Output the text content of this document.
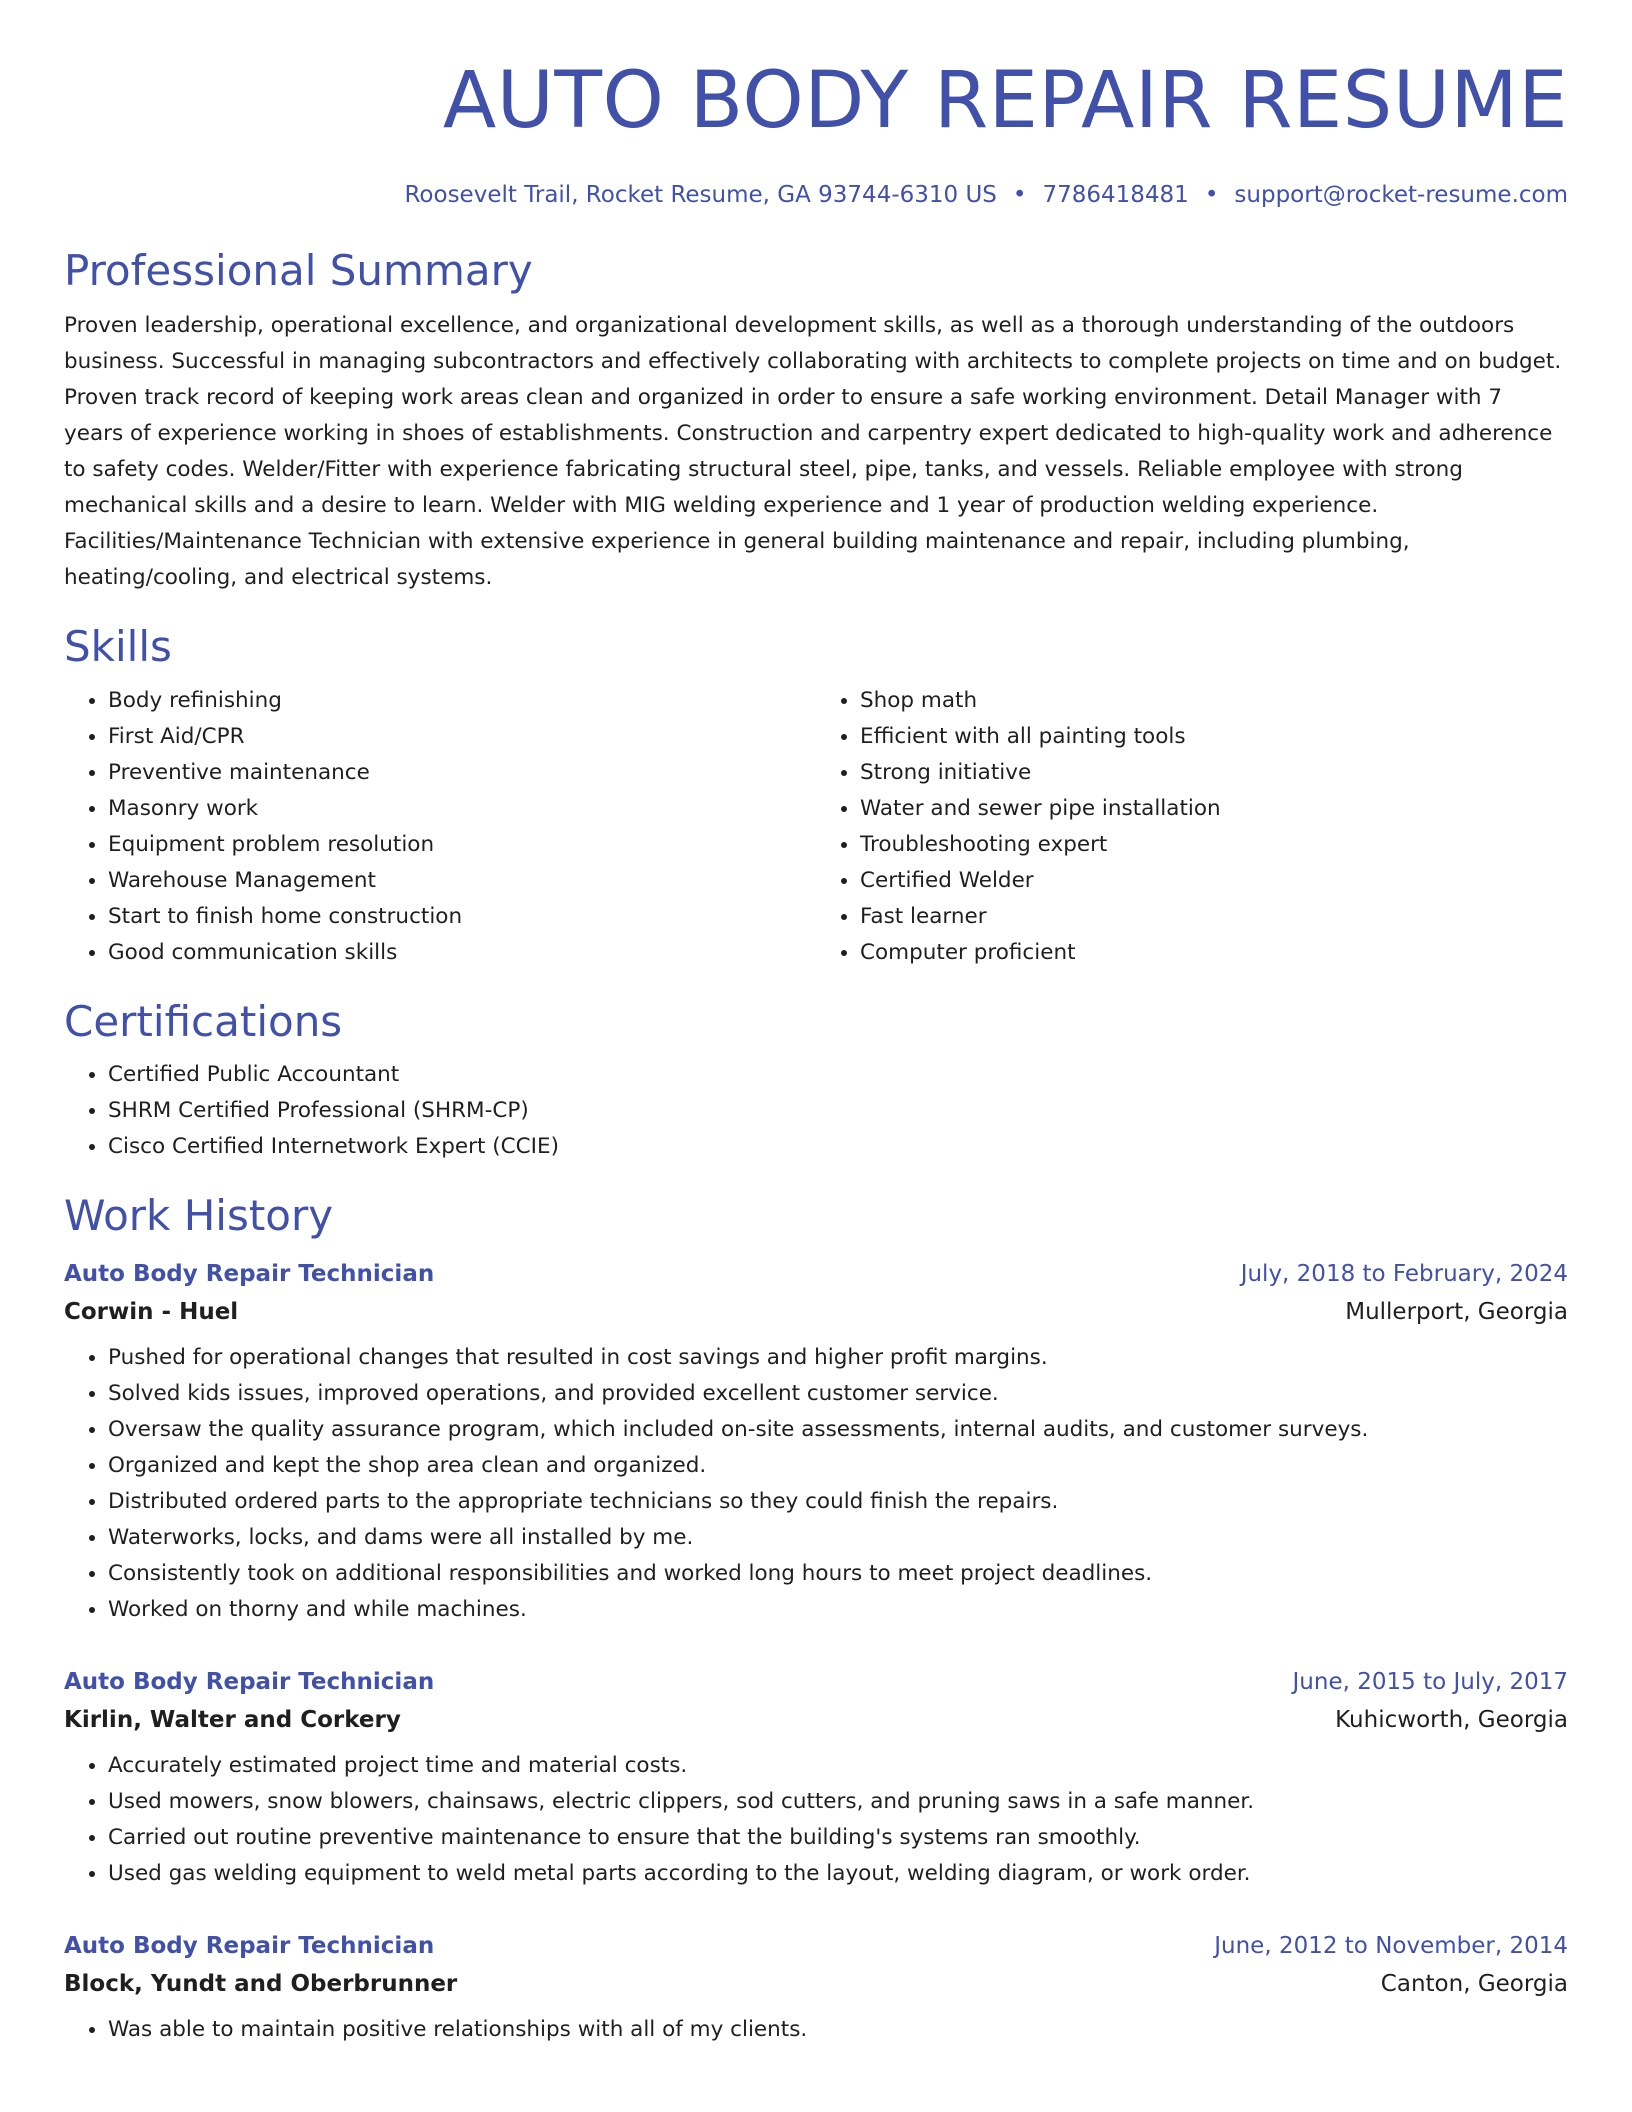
AUTO BODY REPAIR RESUME
Roosevelt Trail, Rocket Resume, GA 93744-6310 US • 7786418481 • support@rocket-resume.com
Professional Summary
Proven leadership, operational excellence, and organizational development skills, as well as a thorough understanding of the outdoors business. Successful in managing subcontractors and effectively collaborating with architects to complete projects on time and on budget. Proven track record of keeping work areas clean and organized in order to ensure a safe working environment. Detail Manager with 7 years of experience working in shoes of establishments. Construction and carpentry expert dedicated to high-quality work and adherence to safety codes. Welder/Fitter with experience fabricating structural steel, pipe, tanks, and vessels. Reliable employee with strong mechanical skills and a desire to learn. Welder with MIG welding experience and 1 year of production welding experience. Facilities/Maintenance Technician with extensive experience in general building maintenance and repair, including plumbing, heating/cooling, and electrical systems.
Skills
• Body refinishing
• First Aid/CPR
• Preventive maintenance
• Masonry work
• Equipment problem resolution
• Warehouse Management
• Start to finish home construction
• Good communication skills
• Shop math
• Efficient with all painting tools
• Strong initiative
• Water and sewer pipe installation
• Troubleshooting expert
• Certified Welder
• Fast learner
• Computer proficient
Certifications
• Certified Public Accountant
• SHRM Certified Professional (SHRM-CP)
• Cisco Certified Internetwork Expert (CCIE)
Work History
Auto Body Repair Technician	July, 2018 to February, 2024
Corwin - Huel	Mullerport, Georgia
• Pushed for operational changes that resulted in cost savings and higher profit margins.
• Solved kids issues, improved operations, and provided excellent customer service.
• Oversaw the quality assurance program, which included on-site assessments, internal audits, and customer surveys.
• Organized and kept the shop area clean and organized.
• Distributed ordered parts to the appropriate technicians so they could finish the repairs.
• Waterworks, locks, and dams were all installed by me.
• Consistently took on additional responsibilities and worked long hours to meet project deadlines.
• Worked on thorny and while machines.
Auto Body Repair Technician	June, 2015 to July, 2017
Kirlin, Walter and Corkery	Kuhicworth, Georgia
• Accurately estimated project time and material costs.
• Used mowers, snow blowers, chainsaws, electric clippers, sod cutters, and pruning saws in a safe manner.
• Carried out routine preventive maintenance to ensure that the building's systems ran smoothly.
• Used gas welding equipment to weld metal parts according to the layout, welding diagram, or work order.
Auto Body Repair Technician	June, 2012 to November, 2014
Block, Yundt and Oberbrunner	Canton, Georgia
• Was able to maintain positive relationships with all of my clients.
